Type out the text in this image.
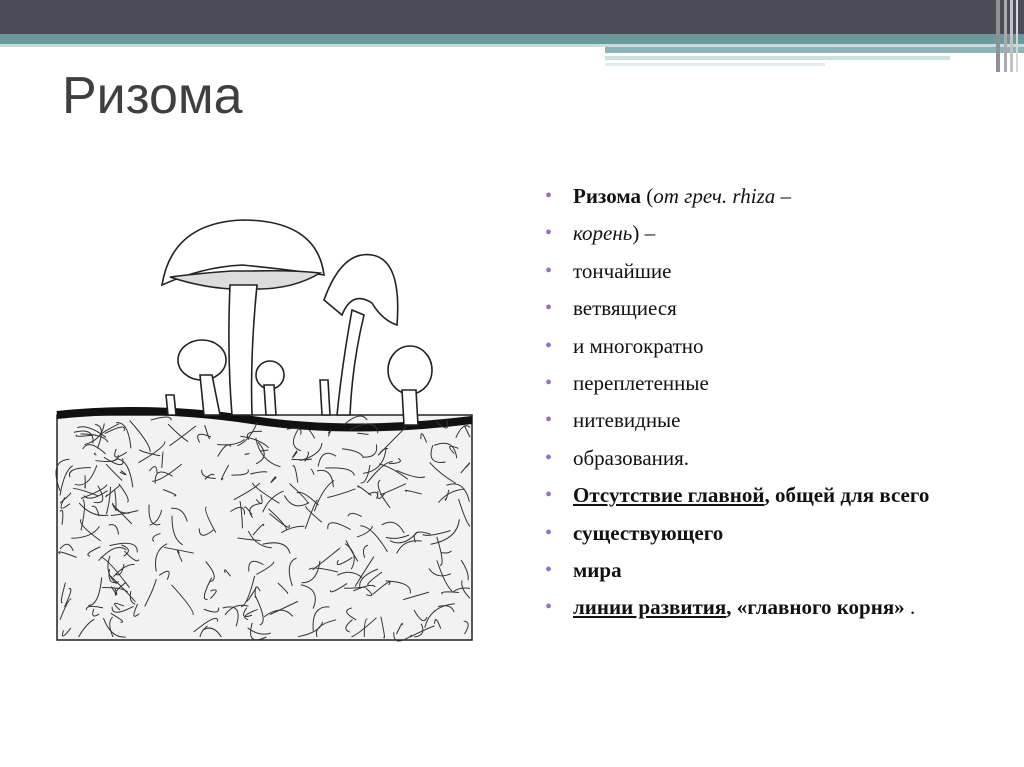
Ризома
• Ризома (от греч. rhiza –
• корень) –
• тончайшие
• ветвящиеся
• и многократно
• переплетенные
• нитевидные
• образования.
• Отсутствие главной, общей для всего
• существующего
• мира
• линии развития, «главного корня» .
